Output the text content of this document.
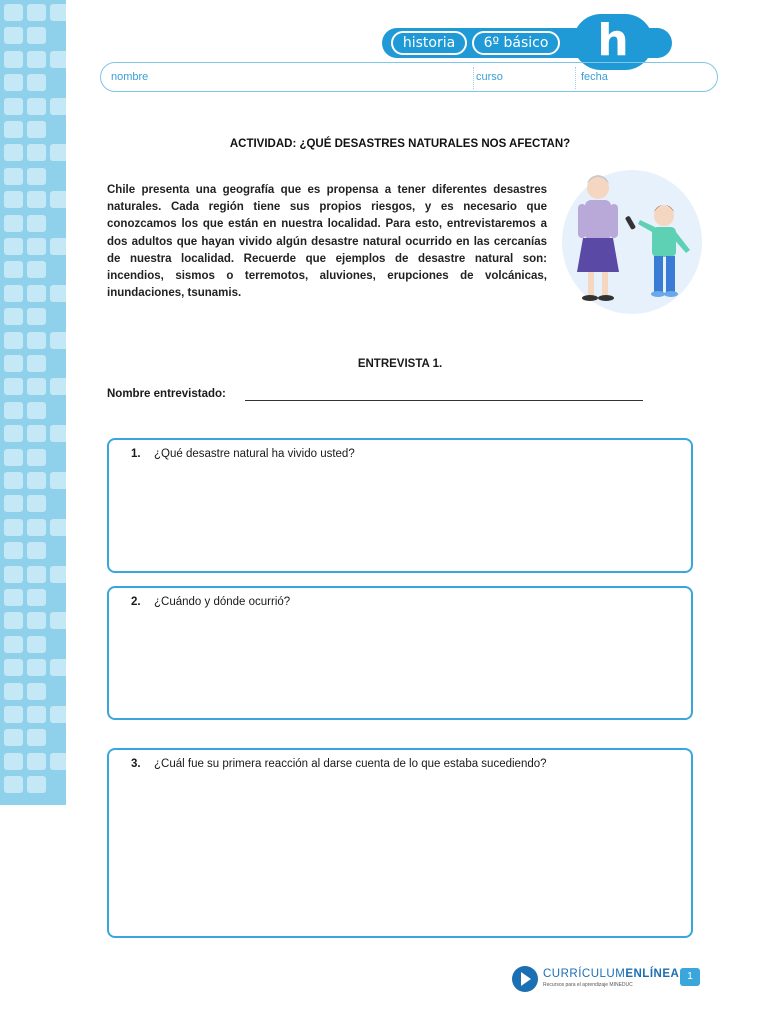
historia	6º básico	h
nombre	curso	fecha
ACTIVIDAD: ¿QUÉ DESASTRES NATURALES NOS AFECTAN?
Chile presenta una geografía que es propensa a tener diferentes desastres naturales. Cada región tiene sus propios riesgos, y es necesario que conozcamos los que están en nuestra localidad. Para esto, entrevistaremos a dos adultos que hayan vivido algún desastre natural ocurrido en las cercanías de nuestra localidad. Recuerde que ejemplos de desastre natural son: incendios, sismos o terremotos, aluviones, erupciones de volcánicas, inundaciones, tsunamis.
ENTREVISTA 1.
Nombre entrevistado:
1. ¿Qué desastre natural ha vivido usted?
2. ¿Cuándo y dónde ocurrió?
3. ¿Cuál fue su primera reacción al darse cuenta de lo que estaba sucediendo?
CURRÍCULUMENLÍNEA
Recursos para el aprendizaje MINEDUC
1
